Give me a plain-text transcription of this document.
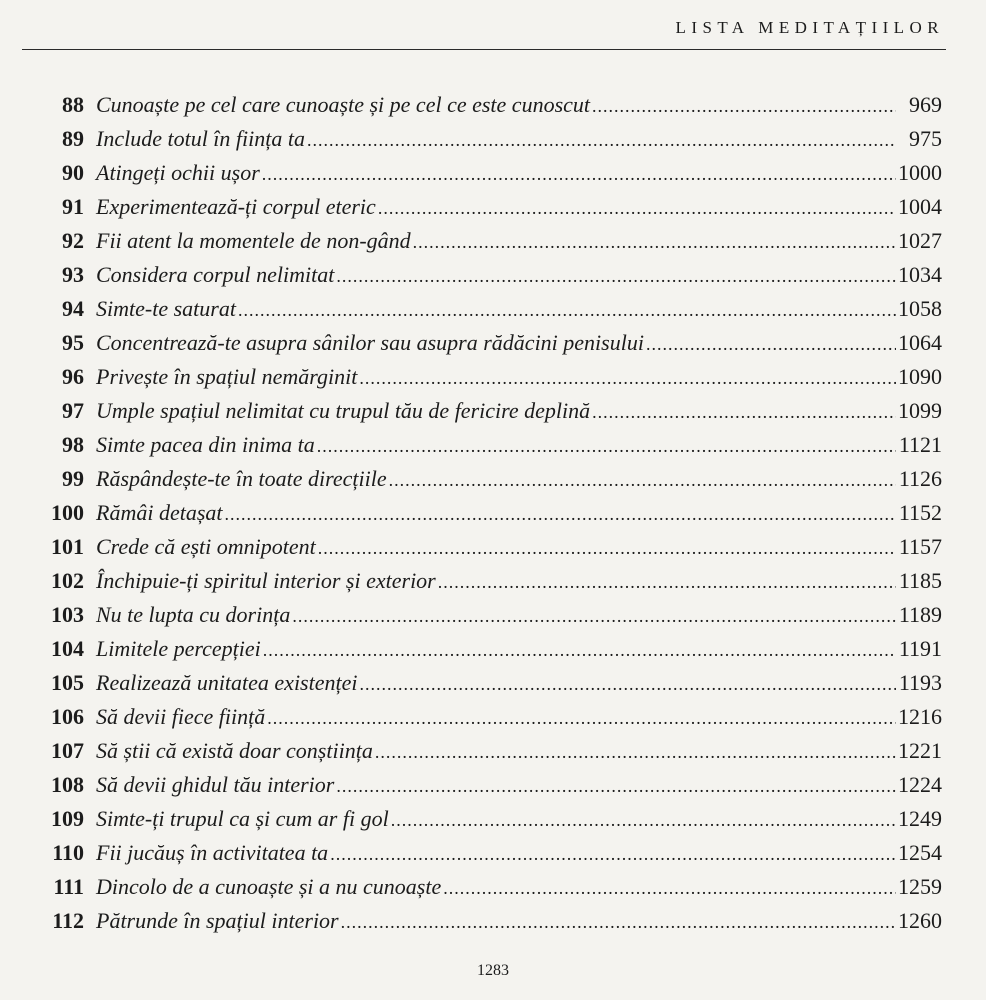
LISTA MEDITAȚIILOR
88 Cunoaște pe cel care cunoaște și pe cel ce este cunoscut .....	969
89 Include totul în ființa ta .....	975
90 Atingeți ochii ușor .....	1000
91 Experimentează-ți corpul eteric .....	1004
92 Fii atent la momentele de non-gând .....	1027
93 Considera corpul nelimitat .....	1034
94 Simte-te saturat .....	1058
95 Concentrează-te asupra sânilor sau asupra rădăcini penisului .....	1064
96 Privește în spațiul nemărginit .....	1090
97 Umple spațiul nelimitat cu trupul tău de fericire deplină .....	1099
98 Simte pacea din inima ta .....	1121
99 Răspândește-te în toate direcțiile .....	1126
100 Rămâi detașat .....	1152
101 Crede că ești omnipotent .....	1157
102 Închipuie-ți spiritul interior și exterior .....	1185
103 Nu te lupta cu dorința .....	1189
104 Limitele percepției .....	1191
105 Realizează unitatea existenței .....	1193
106 Să devii fiece ființă .....	1216
107 Să știi că există doar conștiința .....	1221
108 Să devii ghidul tău interior .....	1224
109 Simte-ți trupul ca și cum ar fi gol .....	1249
110 Fii jucăuș în activitatea ta .....	1254
111 Dincolo de a cunoaște și a nu cunoaște .....	1259
112 Pătrunde în spațiul interior .....	1260
1283
